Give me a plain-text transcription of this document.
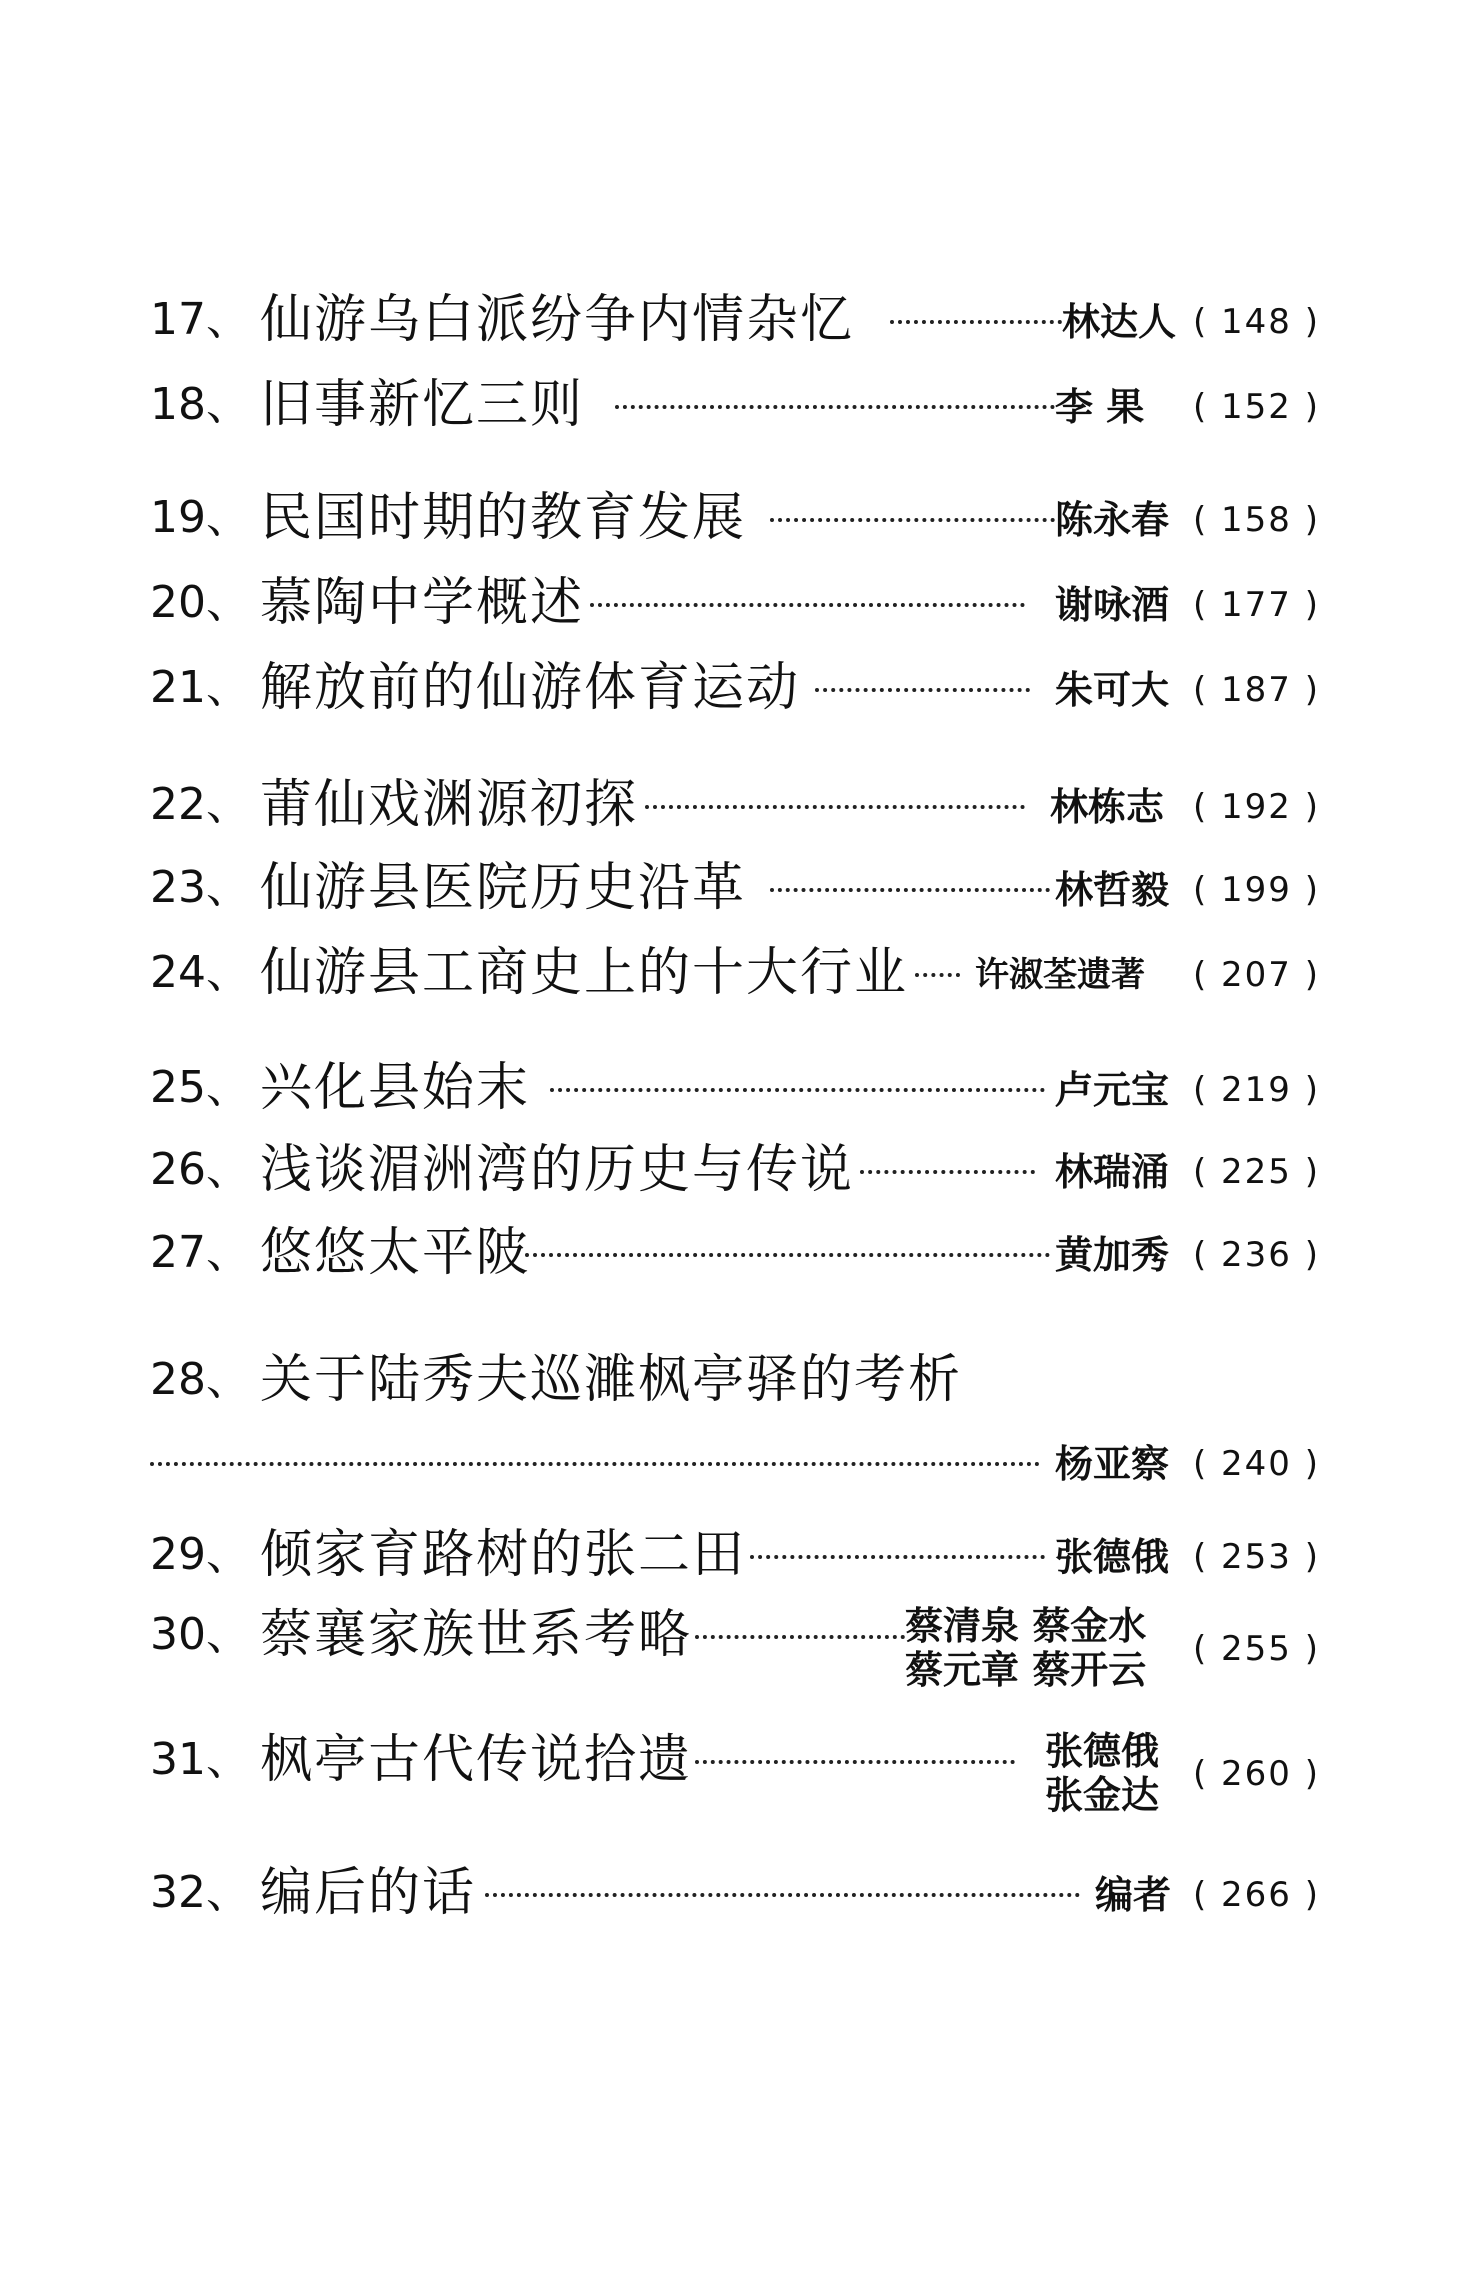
17、 仙游乌白派纷争内情杂忆	林达人 ( 148 )
18、 旧事新忆三则	李 果 ( 152 )
19、 民国时期的教育发展	陈永春 ( 158 )
20、 慕陶中学概述	谢咏酒 ( 177 )
21、 解放前的仙游体育运动	朱可大 ( 187 )
22、 莆仙戏渊源初探	林栋志 ( 192 )
23、 仙游县医院历史沿革	林哲毅 ( 199 )
24、 仙游县工商史上的十大行业 许淑荃遗著 ( 207 )
25、 兴化县始末	卢元宝 ( 219 )
26、 浅谈湄洲湾的历史与传说	林瑞涌 ( 225 )
27、 悠悠太平陂	黄加秀 ( 236 )
28、 关于陆秀夫巡濉枫亭驿的考析
杨亚察 ( 240 )
29、 倾家育路树的张二田	张德俄 ( 253 )
30、 蔡襄家族世系考略	蔡清泉 蔡金水
蔡元章 蔡开云 ( 255 )
31、 枫亭古代传说拾遗	张德俄
张金达 ( 260 )
32、 编后的话	编者 ( 266 )
